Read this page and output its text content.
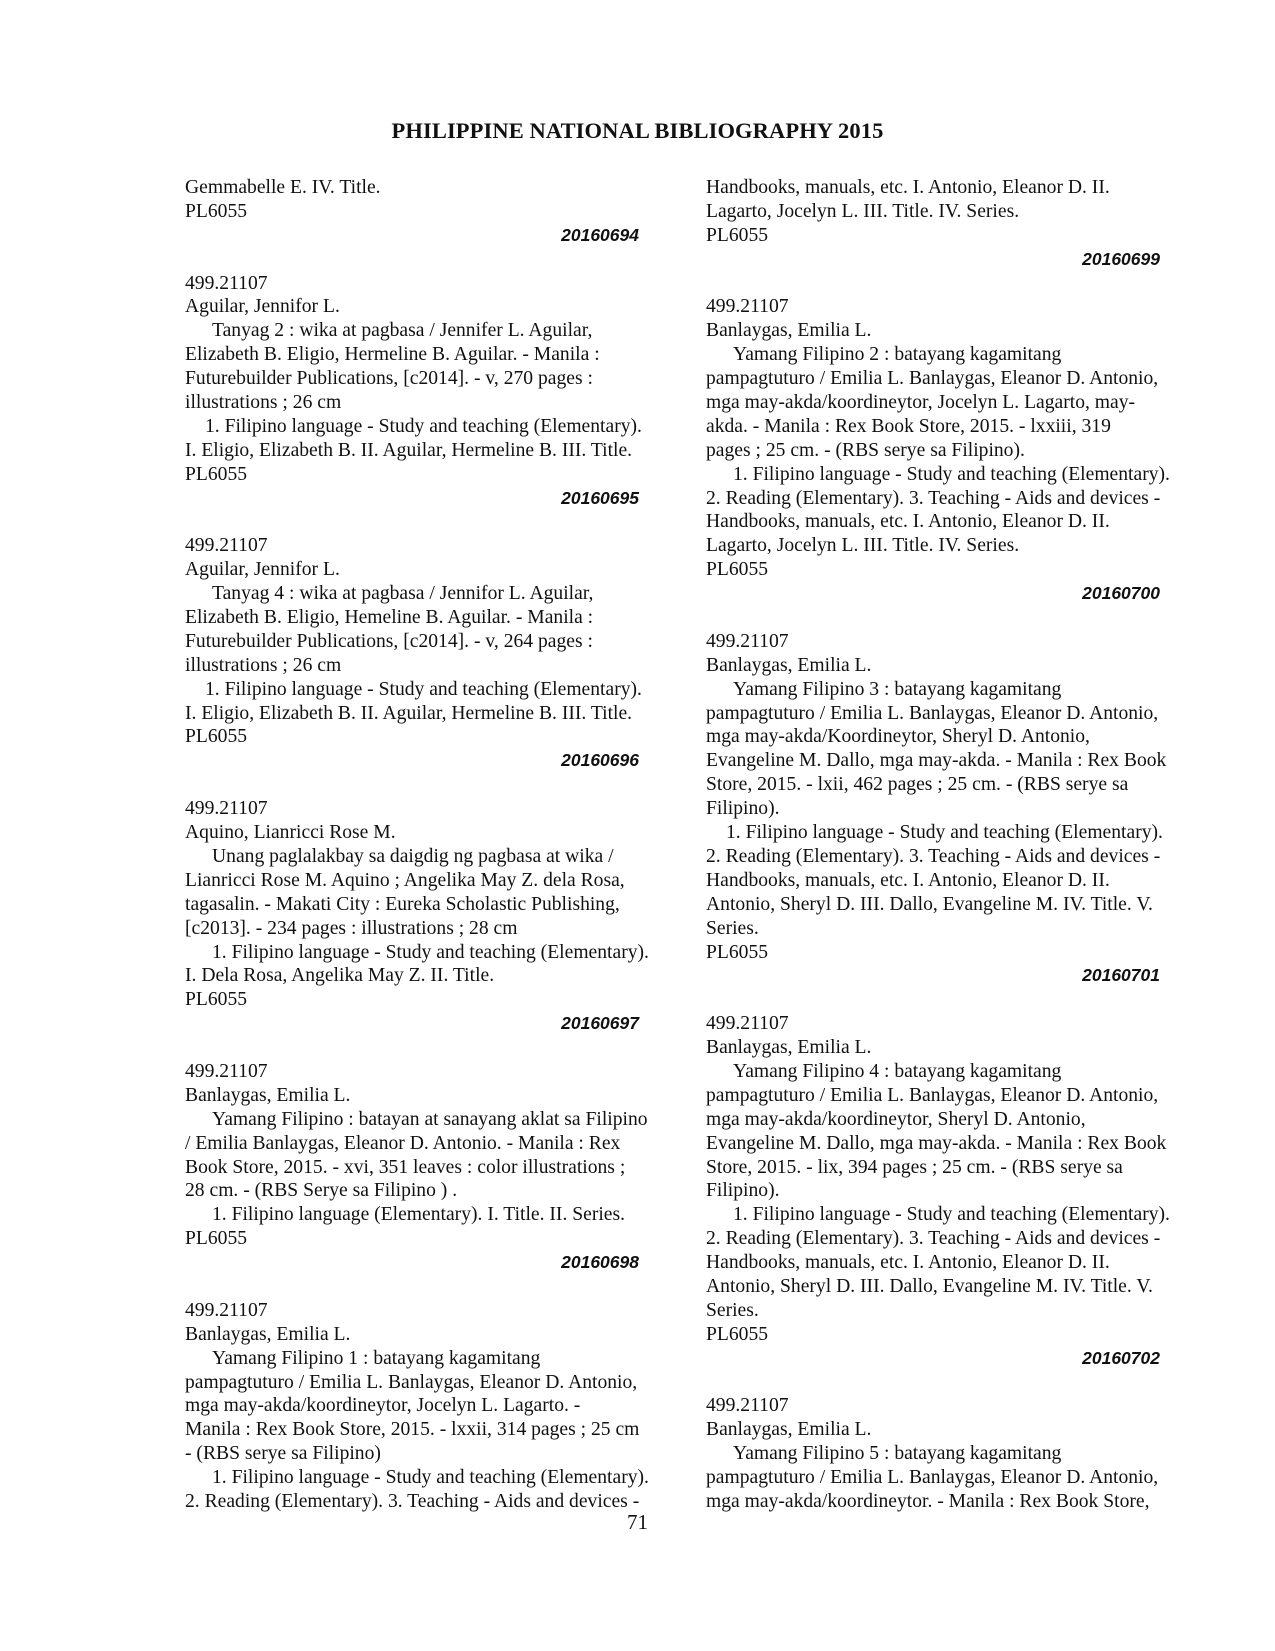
PHILIPPINE NATIONAL BIBLIOGRAPHY 2015
Gemmabelle E. IV. Title.
PL6055
20160694
499.21107
Aguilar, Jennifor L.
Tanyag 2 : wika at pagbasa / Jennifer L. Aguilar,
Elizabeth B. Eligio, Hermeline B. Aguilar. - Manila :
Futurebuilder Publications, [c2014]. - v, 270 pages :
illustrations ; 26 cm
1. Filipino language - Study and teaching (Elementary).
I. Eligio, Elizabeth B. II. Aguilar, Hermeline B. III. Title.
PL6055
20160695
499.21107
Aguilar, Jennifor L.
Tanyag 4 : wika at pagbasa / Jennifor L. Aguilar,
Elizabeth B. Eligio, Hemeline B. Aguilar. - Manila :
Futurebuilder Publications, [c2014]. - v, 264 pages :
illustrations ; 26 cm
1. Filipino language - Study and teaching (Elementary).
I. Eligio, Elizabeth B. II. Aguilar, Hermeline B. III. Title.
PL6055
20160696
499.21107
Aquino, Lianricci Rose M.
Unang paglalakbay sa daigdig ng pagbasa at wika /
Lianricci Rose M. Aquino ; Angelika May Z. dela Rosa,
tagasalin. - Makati City : Eureka Scholastic Publishing,
[c2013]. - 234 pages : illustrations ; 28 cm
1. Filipino language - Study and teaching (Elementary).
I. Dela Rosa, Angelika May Z. II. Title.
PL6055
20160697
499.21107
Banlaygas, Emilia L.
Yamang Filipino : batayan at sanayang aklat sa Filipino
/ Emilia Banlaygas, Eleanor D. Antonio. - Manila : Rex
Book Store, 2015. - xvi, 351 leaves : color illustrations ;
28 cm. - (RBS Serye sa Filipino ) .
1. Filipino language (Elementary). I. Title. II. Series.
PL6055
20160698
499.21107
Banlaygas, Emilia L.
Yamang Filipino 1 : batayang kagamitang
pampagtuturo / Emilia L. Banlaygas, Eleanor D. Antonio,
mga may-akda/koordineytor, Jocelyn L. Lagarto. -
Manila : Rex Book Store, 2015. - lxxii, 314 pages ; 25 cm
- (RBS serye sa Filipino)
1. Filipino language - Study and teaching (Elementary).
2. Reading (Elementary). 3. Teaching - Aids and devices -
Handbooks, manuals, etc. I. Antonio, Eleanor D. II.
Lagarto, Jocelyn L. III. Title. IV. Series.
PL6055
20160699
499.21107
Banlaygas, Emilia L.
Yamang Filipino 2 : batayang kagamitang
pampagtuturo / Emilia L. Banlaygas, Eleanor D. Antonio,
mga may-akda/koordineytor, Jocelyn L. Lagarto, may-
akda. - Manila : Rex Book Store, 2015. - lxxiii, 319
pages ; 25 cm. - (RBS serye sa Filipino).
1. Filipino language - Study and teaching (Elementary).
2. Reading (Elementary). 3. Teaching - Aids and devices -
Handbooks, manuals, etc. I. Antonio, Eleanor D. II.
Lagarto, Jocelyn L. III. Title. IV. Series.
PL6055
20160700
499.21107
Banlaygas, Emilia L.
Yamang Filipino 3 : batayang kagamitang
pampagtuturo / Emilia L. Banlaygas, Eleanor D. Antonio,
mga may-akda/Koordineytor, Sheryl D. Antonio,
Evangeline M. Dallo, mga may-akda. - Manila : Rex Book
Store, 2015. - lxii, 462 pages ; 25 cm. - (RBS serye sa
Filipino).
1. Filipino language - Study and teaching (Elementary).
2. Reading (Elementary). 3. Teaching - Aids and devices -
Handbooks, manuals, etc. I. Antonio, Eleanor D. II.
Antonio, Sheryl D. III. Dallo, Evangeline M. IV. Title. V.
Series.
PL6055
20160701
499.21107
Banlaygas, Emilia L.
Yamang Filipino 4 : batayang kagamitang
pampagtuturo / Emilia L. Banlaygas, Eleanor D. Antonio,
mga may-akda/koordineytor, Sheryl D. Antonio,
Evangeline M. Dallo, mga may-akda. - Manila : Rex Book
Store, 2015. - lix, 394 pages ; 25 cm. - (RBS serye sa
Filipino).
1. Filipino language - Study and teaching (Elementary).
2. Reading (Elementary). 3. Teaching - Aids and devices -
Handbooks, manuals, etc. I. Antonio, Eleanor D. II.
Antonio, Sheryl D. III. Dallo, Evangeline M. IV. Title. V.
Series.
PL6055
20160702
499.21107
Banlaygas, Emilia L.
Yamang Filipino 5 : batayang kagamitang
pampagtuturo / Emilia L. Banlaygas, Eleanor D. Antonio,
mga may-akda/koordineytor. - Manila : Rex Book Store,
71
